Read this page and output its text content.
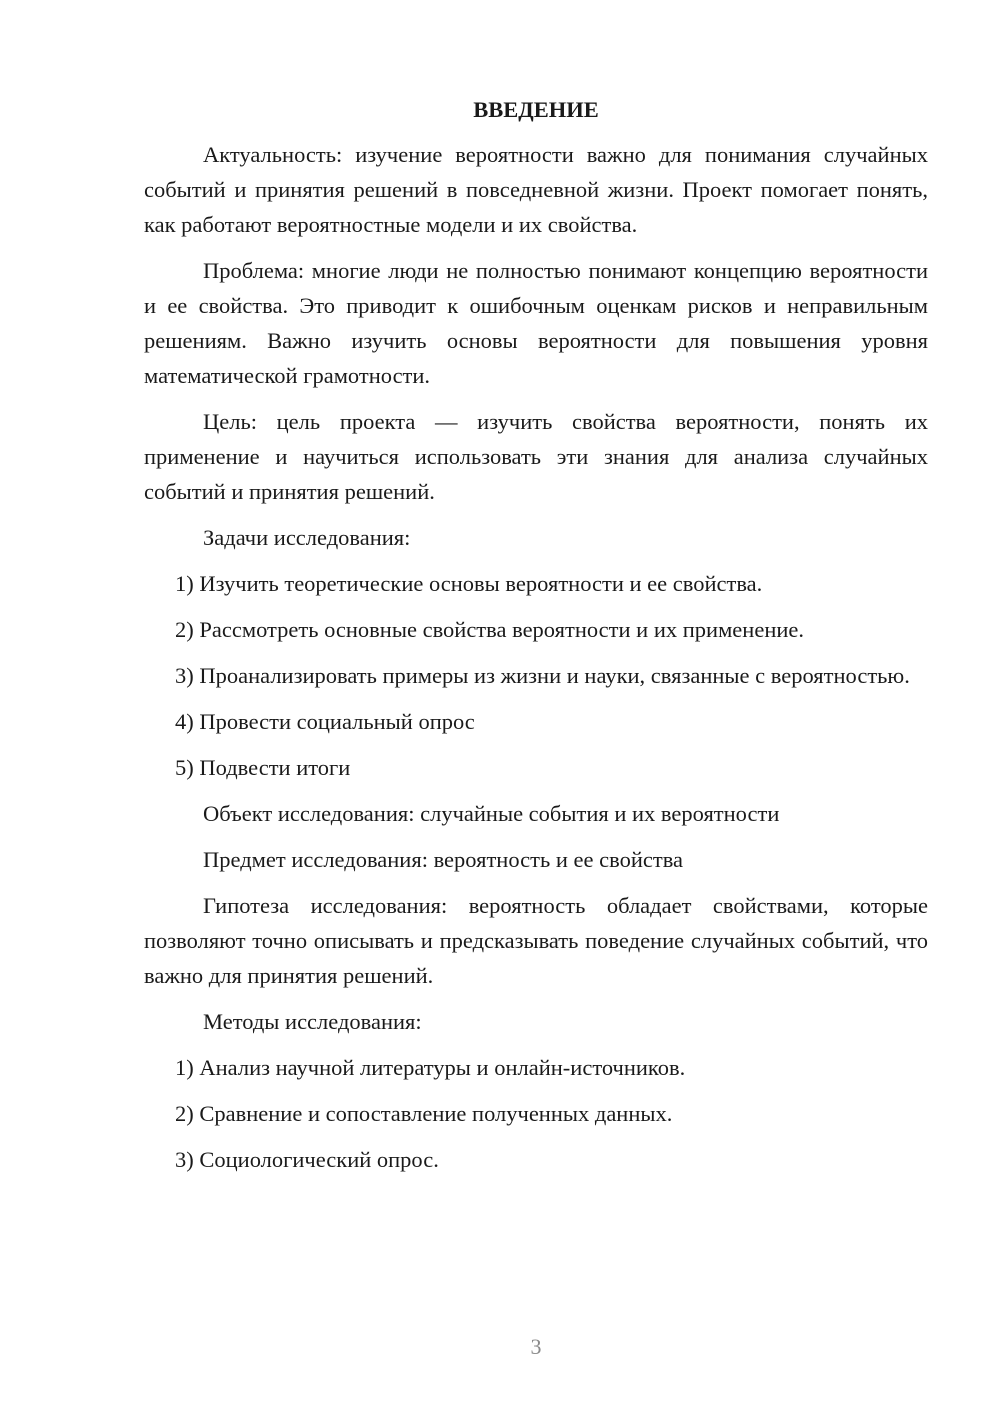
ВВЕДЕНИЕ

Актуальность: изучение вероятности важно для понимания случайных событий и принятия решений в повседневной жизни. Проект помогает понять, как работают вероятностные модели и их свойства.

Проблема: многие люди не полностью понимают концепцию вероятности и ее свойства. Это приводит к ошибочным оценкам рисков и неправильным решениям. Важно изучить основы вероятности для повышения уровня математической грамотности.

Цель: цель проекта — изучить свойства вероятности, понять их применение и научиться использовать эти знания для анализа случайных событий и принятия решений.

Задачи исследования:

1) Изучить теоретические основы вероятности и ее свойства.

2) Рассмотреть основные свойства вероятности и их применение.

3) Проанализировать примеры из жизни и науки, связанные с вероятностью.

4) Провести социальный опрос

5) Подвести итоги

Объект исследования: случайные события и их вероятности

Предмет исследования: вероятность и ее свойства

Гипотеза исследования: вероятность обладает свойствами, которые позволяют точно описывать и предсказывать поведение случайных событий, что важно для принятия решений.

Методы исследования:

1) Анализ научной литературы и онлайн-источников.

2) Сравнение и сопоставление полученных данных.

3) Социологический опрос.

3
